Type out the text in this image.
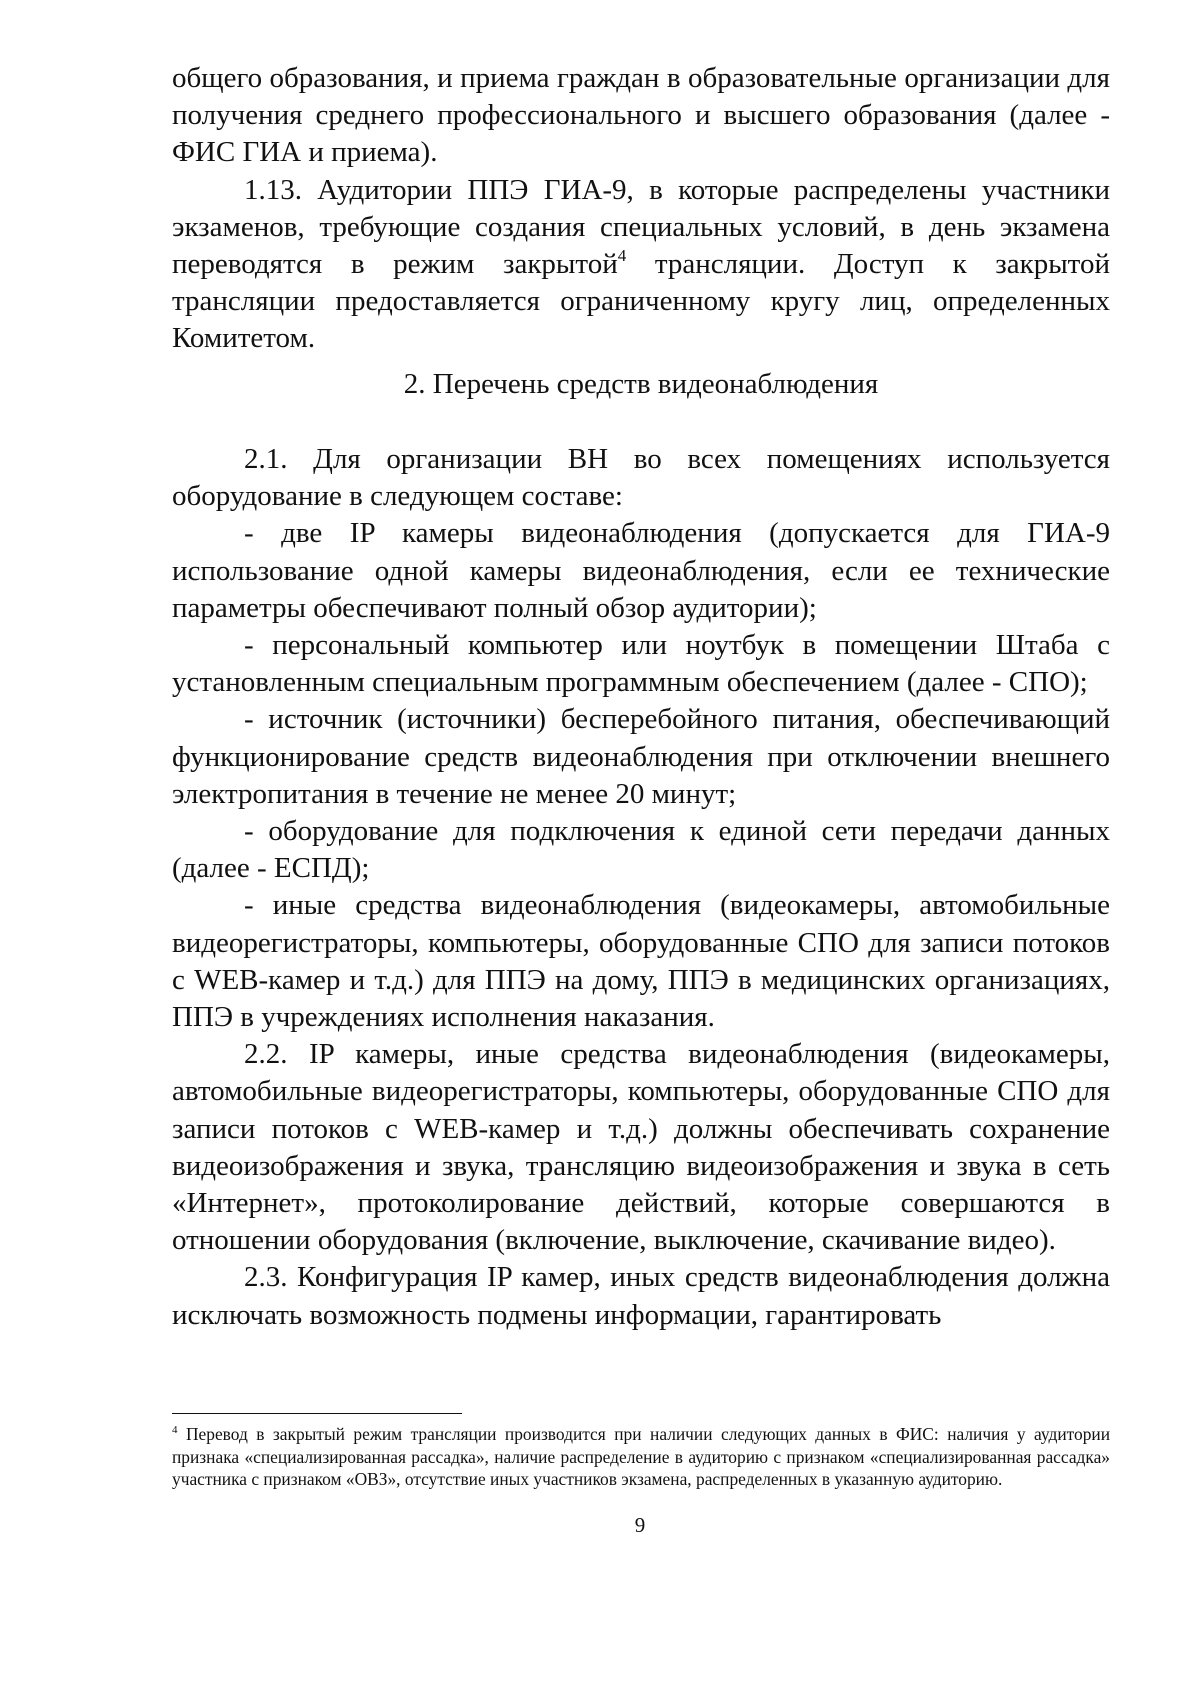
общего образования, и приема граждан в образовательные организации для получения среднего профессионального и высшего образования (далее - ФИС ГИА и приема).

1.13. Аудитории ППЭ ГИА-9, в которые распределены участники экзаменов, требующие создания специальных условий, в день экзамена переводятся в режим закрытой$^4$ трансляции. Доступ к закрытой трансляции предоставляется ограниченному кругу лиц, определенных Комитетом.

2. Перечень средств видеонаблюдения

2.1. Для организации ВН во всех помещениях используется оборудование в следующем составе:

- две IP камеры видеонаблюдения (допускается для ГИА-9 использование одной камеры видеонаблюдения, если ее технические параметры обеспечивают полный обзор аудитории);

- персональный компьютер или ноутбук в помещении Штаба с установленным специальным программным обеспечением (далее - СПО);

- источник (источники) бесперебойного питания, обеспечивающий функционирование средств видеонаблюдения при отключении внешнего электропитания в течение не менее 20 минут;

- оборудование для подключения к единой сети передачи данных (далее - ЕСПД);

- иные средства видеонаблюдения (видеокамеры, автомобильные видеорегистраторы, компьютеры, оборудованные СПО для записи потоков с WEB-камер и т.д.) для ППЭ на дому, ППЭ в медицинских организациях, ППЭ в учреждениях исполнения наказания.

2.2. IP камеры, иные средства видеонаблюдения (видеокамеры, автомобильные видеорегистраторы, компьютеры, оборудованные СПО для записи потоков с WEB-камер и т.д.) должны обеспечивать сохранение видеоизображения и звука, трансляцию видеоизображения и звука в сеть «Интернет», протоколирование действий, которые совершаются в отношении оборудования (включение, выключение, скачивание видео).

2.3. Конфигурация IP камер, иных средств видеонаблюдения должна исключать возможность подмены информации, гарантировать

$^4$ Перевод в закрытый режим трансляции производится при наличии следующих данных в ФИС: наличия у аудитории признака «специализированная рассадка», наличие распределение в аудиторию с признаком «специализированная рассадка» участника с признаком «ОВЗ», отсутствие иных участников экзамена, распределенных в указанную аудиторию.

9
